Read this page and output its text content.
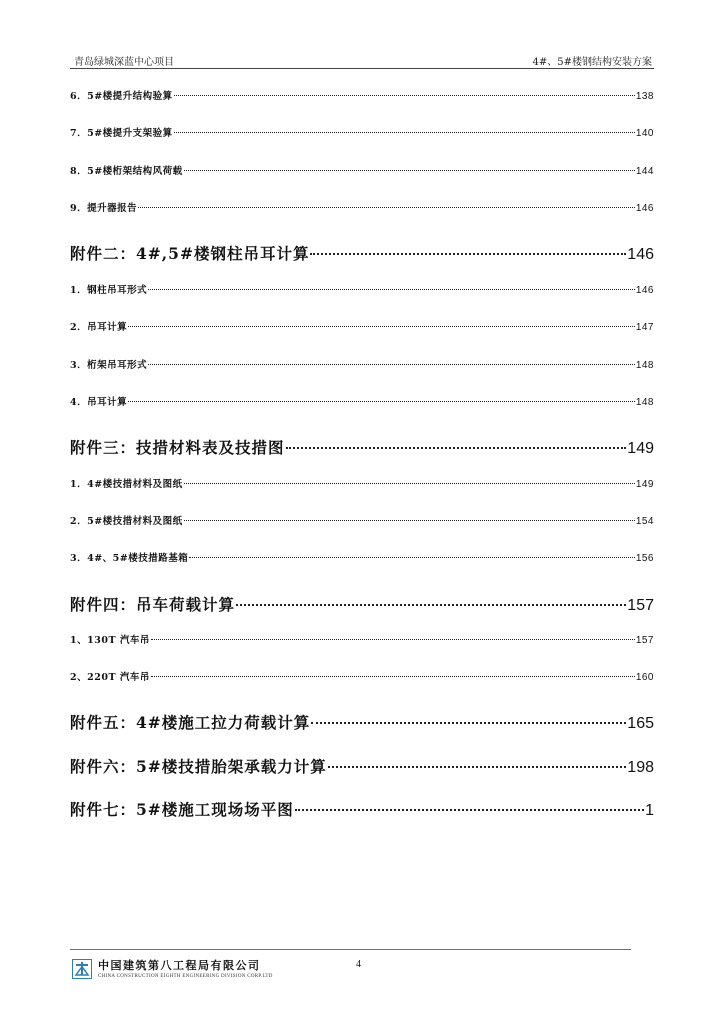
青岛绿城深蓝中心项目	4#、5#楼钢结构安装方案
6．5#楼提升结构验算	138
7．5#楼提升支架验算	140
8．5#楼桁架结构风荷载	144
9．提升器报告	146
附件二：4#,5#楼钢柱吊耳计算	146
1．钢柱吊耳形式	146
2．吊耳计算	147
3．桁架吊耳形式	148
4．吊耳计算	148
附件三：技措材料表及技措图	149
1．4#楼技措材料及图纸	149
2．5#楼技措材料及图纸	154
3．4#、5#楼技措路基箱	156
附件四：吊车荷载计算	157
1、130T 汽车吊	157
2、220T 汽车吊	160
附件五：4#楼施工拉力荷载计算	165
附件六：5#楼技措胎架承载力计算	198
附件七：5#楼施工现场场平图	1
中国建筑第八工程局有限公司
CHINA CONSTRUCTION EIGHTH ENGINEERING DIVISION CORP.LTD
4
